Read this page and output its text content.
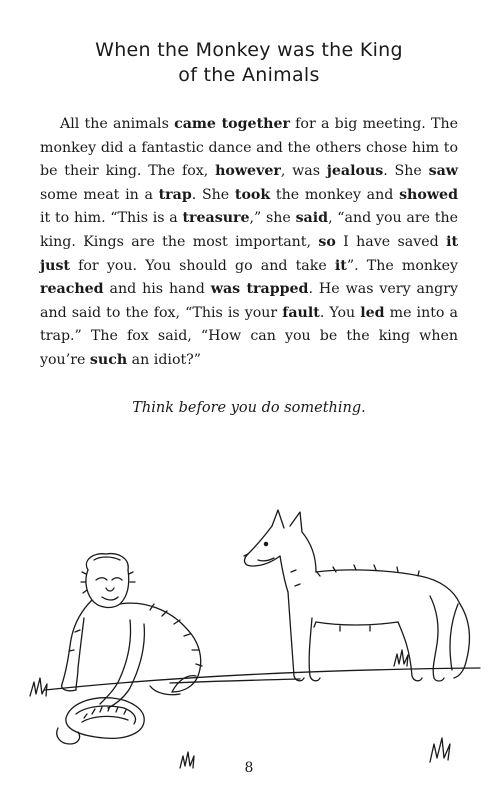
When the Monkey was the King
of the Animals

All the animals came together for a big meeting. The monkey did a fantastic dance and the others chose him to be their king. The fox, however, was jealous. She saw some meat in a trap. She took the monkey and showed it to him. “This is a treasure,” she said, “and you are the king. Kings are the most important, so I have saved it just for you. You should go and take it”. The monkey reached and his hand was trapped. He was very angry and said to the fox, “This is your fault. You led me into a trap.” The fox said, “How can you be the king when you’re such an idiot?”

Think before you do something.
8
